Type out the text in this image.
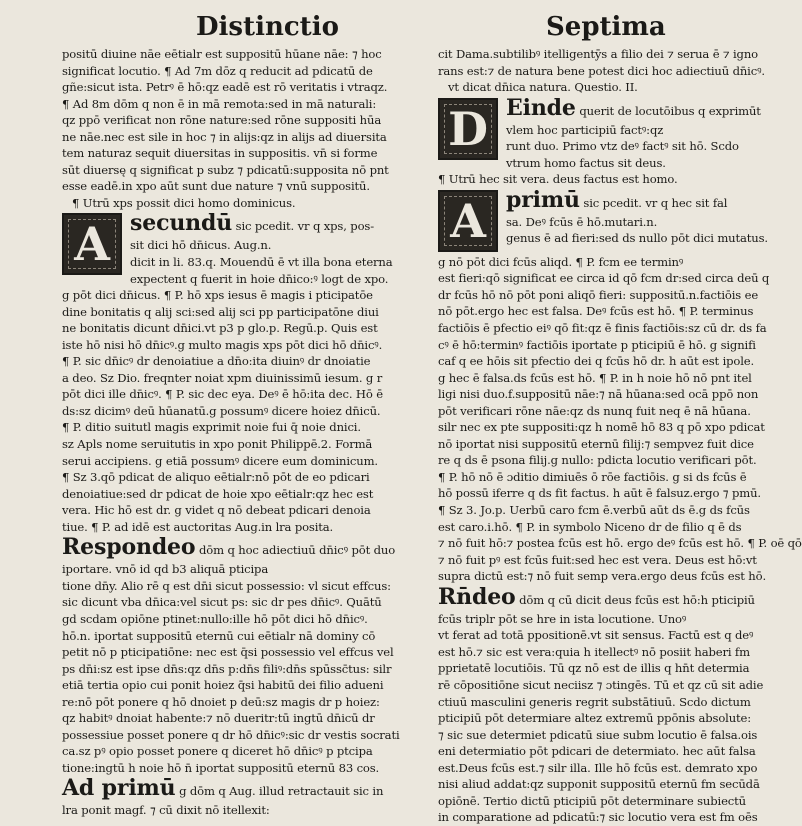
Distinctio	Septima
positū diuine nāe eētialr est suppositū hūane nāe: ⁊ hoc
significat locutio. ¶ Ad 7m dōz q reducit ad pdicatū de
gñe:sicut ista. Petrꝰ ē hō:qz eadē est rō veritatis i vtraqz.
¶ Ad 8m dōm q non ē in mā remota:sed in mā naturali:
qz ppō verificat non rōne nature:sed rōne suppositi hūa
ne nāe.nec est sile in hoc ⁊ in alijs:qz in alijs ad diuersita
tem naturaz sequit diuersitas in suppositis. vn̄ si forme
sūt diuersę q significat p subz ⁊ pdicatū:supposita nō pnt
esse eadē.in xpo aūt sunt due nature ⁊ vnū suppositū.
¶ Utrū xps possit dici homo dominicus.
A secundū sic pcedit. vr q xps, pos-
sit dici hō dn̄icus. Aug.n.
dicit in li. 83.q. Mouendū ē vt illa bona eterna
expectent q fuerit in hoie dn̄ico:ꝰ logt de xpo.
g pōt dici dn̄icus. ¶ P. hō xps iesus ē magis i pticipatōe
dine bonitatis q alij sci:sed alij sci pp participatōne diui
ne bonitatis dicunt dn̄ici.vt p3 p glo.p. Regū.p. Quis est
iste hō nisi hō dn̄icꝰ.g multo magis xps pōt dici hō dn̄icꝰ.
¶ P. sic dn̄icꝰ dr denoiatiue a dn̄o:ita diuinꝰ dr dnoiatie
a deo. Sz Dio. freqnter noiat xpm diuinissimū iesum. g r
pōt dici ille dn̄icꝰ. ¶ P. sic dec eya. Deꝰ ē hō:ita dec. Hō ē
ds:sz dicimꝰ deū hūanatū.g possumꝰ dicere hoiez dn̄icū.
¶ P. ditio suitutl magis exprimit noie fui q̄ noie dnici.
sz Apls nome seruitutis in xpo ponit Philippē.2. Formā
serui accipiens. g etiā possumꝰ dicere eum dominicum.
¶ Sz 3.qō pdicat de aliquo eētialr:nō pōt de eo pdicari
denoiatiue:sed dr pdicat de hoie xpo eētialr:qz hec est
vera. Hic hō est dr. g videt q nō debeat pdicari denoia
tiue. ¶ P. ad idē est auctoritas Aug.in lra posita.
Respondeo dōm q hoc adiectiuū dn̄icꝰ pōt duo
iportare. vnō id qd b3 aliquā pticipa
tione dn̄y. Alio rē q est dn̄i sicut possessio: vl sicut effcus:
sic dicunt vba dn̄ica:vel sicut ps: sic dr pes dn̄icꝰ. Quātū
gd scdam opiōne ptinet:nullo:ille hō pōt dici hō dn̄icꝰ.
hō.n. iportat suppositū eternū cui eētialr nā dominy cō
petit nō p pticipatiōne: nec est q̄si possessio vel effcus vel
ps dn̄i:sz est ipse dn̄s:qz dn̄s p:dn̄s filiꝰ:dn̄s spūssc̄tus: silr
etiā tertia opio cui ponit hoiez q̄si habitū dei filio adueni
re:nō pōt ponere q hō dnoiet p deū:sz magis dr p hoiez:
qz habitꝰ dnoiat habente:⁊ nō dueritr:tū ingtū dn̄icū dr
possessiue posset ponere q dr hō dn̄icꝰ:sic dr vestis socrati
ca.sz pꝰ opio posset ponere q diceret hō dn̄icꝰ p ptcipa
tione:ingtū h noie hō n̄ iportat suppositū eternū 83 cos.
Ad primū g dōm q Aug. illud retractauit sic in
lra ponit magf. ⁊ cū dixit nō itellexit:
cit Dama.subtilibꝰ itelligentȳs a filio dei ⁊ serua ē ⁊ igno
rans est:⁊ de natura bene potest dici hoc adiectiuū dn̄icꝰ.
vt dicat dn̄ica natura. Questio. II.
D Einde querit de locutōibus q exprimūt
vlem hoc participiū factꝰ:qz
runt duo. Primo vtz deꝰ factꝰ sit hō. Scdo
vtrum homo factus sit deus.
¶ Utrū hec sit vera. deus factus est homo.
A primū sic pcedit. vr q hec sit fal
sa. Deꝰ fcūs ē hō.mutari.n.
genus ē ad fieri:sed ds nullo pōt dici mutatus.
g nō pōt dici fcūs aliqd. ¶ P. fcm ee terminꝰ
est fieri:qō significat ee circa id qō fcm dr:sed circa deū q
dr fcūs hō nō pōt poni aliqō fieri: suppositū.n.factiōis ee
nō pōt.ergo hec est falsa. Deꝰ fcūs est hō. ¶ P. terminus
factiōis ē pfectio eiꝰ qō fit:qz ē finis factiōis:sz cū dr. ds fa
cꝰ ē hō:terminꝰ factiōis iportate p pticipiū ē hō. g signifi
caf q ee hōis sit pfectio dei q fcūs hō dr. h aūt est ipole.
g hec ē falsa.ds fcūs est hō. ¶ P. in h noie hō nō pnt itel
ligi nisi duo.f.suppositū nāe:⁊ nā hūana:sed ocā ppō non
pōt verificari rōne nāe:qz ds nunq fuit neq ē nā hūana.
silr nec ex pte suppositi:qz h nomē hō 83 q pō xpo pdicat
nō iportat nisi suppositū eternū filij:⁊ sempvez fuit dice
re q ds ē psona filij.g nullo: pdicta locutio verificari pōt.
¶ P. hō nō ē ɔditio dimiuēs ō rōe factiōis. g si ds fcūs ē
hō possū iferre q ds fit factus. h aūt ē falsuz.ergo ⁊ pmū.
¶ Sz 3. Jo.p. Uerbū caro fcm ē.verbū aūt ds ē.g ds fcūs
est caro.i.hō. ¶ P. in symbolo Niceno dr de filio q ē ds
⁊ nō fuit hō:⁊ postea fcūs est hō. ergo deꝰ fcūs est hō. ¶ P. oē qō
⁊ nō fuit pꝰ est fcūs fuit:sed hec est vera. Deus est hō:vt
supra dictū est:⁊ nō fuit semp vera.ergo deus fcūs est hō.
Rn̄deo dōm q cū dicit deus fcūs est hō:h pticipiū
fcūs triplr pōt se hre in ista locutione. Unoꝰ
vt ferat ad totā ppositionē.vt sit sensus. Factū est q deꝰ
est hō.⁊ sic est vera:quia h itellectꝰ nō posiit haberi fm
pprietatē locutiōis. Tū qz nō est de illis q hn̄t determia
rē cōpositiōne sicut neciisz ⁊ ɔtingēs. Tū et qz cū sit adie
ctiuū masculini generis regrit substātiuū. Scdo dictum
pticipiū pōt determiare altez extremū ppōnis absolute:
⁊ sic sue determiet pdicatū siue subm locutio ē falsa.ois
eni determiatio pōt pdicari de determiato. hec aūt falsa
est.Deus fcūs est.⁊ silr illa. Ille hō fcūs est. demrato xpo
nisi aliud addat:qz supponit suppositū eternū fm secūdā
opiōnē. Tertio dictū pticipiū pōt determinare subiectū
in comparatione ad pdicatū:⁊ sic locutio vera est fm oēs
